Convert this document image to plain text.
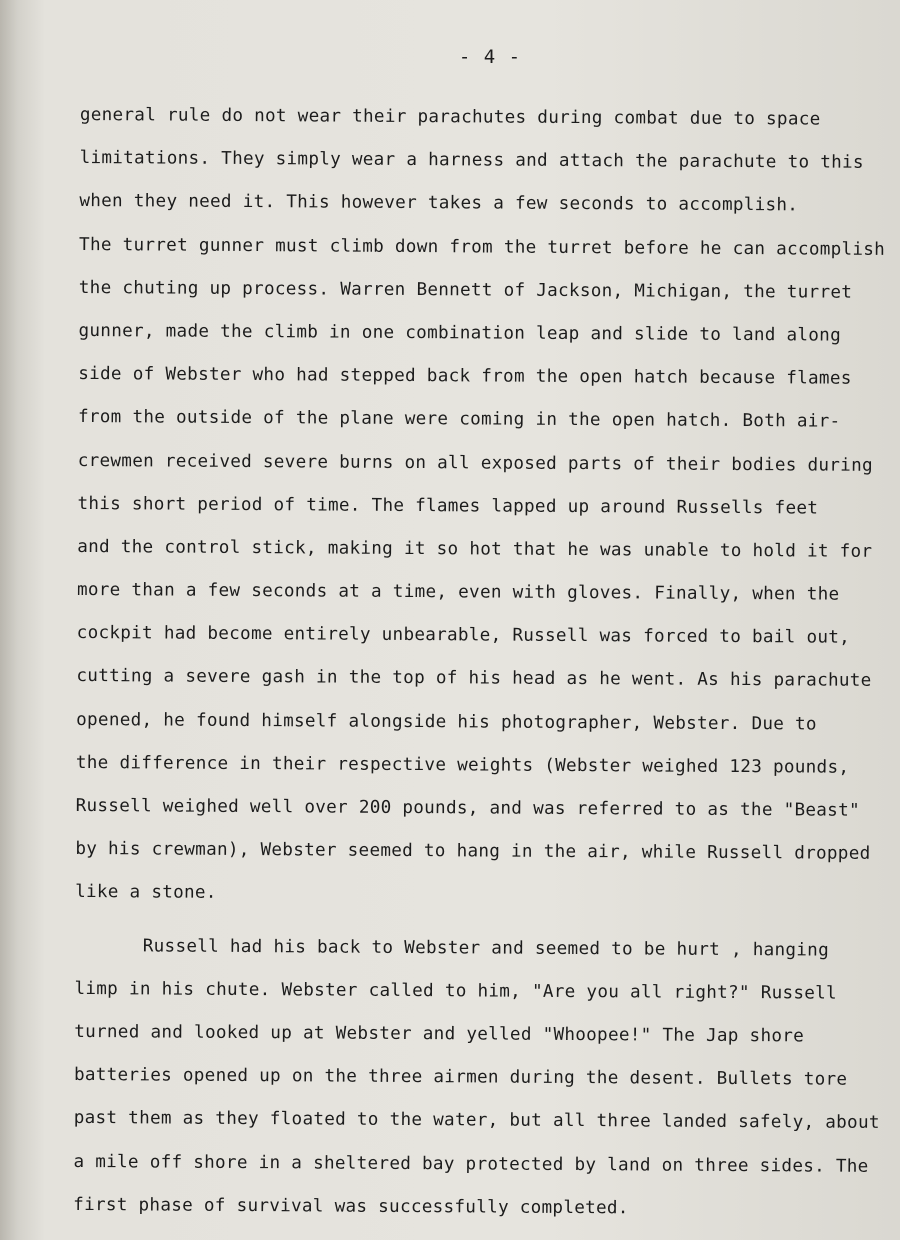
- 4 -
general rule do not wear their parachutes during combat due to space
limitations. They simply wear a harness and attach the parachute to this
when they need it. This however takes a few seconds to accomplish.
The turret gunner must climb down from the turret before he can accomplish
the chuting up process. Warren Bennett of Jackson, Michigan, the turret
gunner, made the climb in one combination leap and slide to land along
side of Webster who had stepped back from the open hatch because flames
from the outside of the plane were coming in the open hatch. Both air-
crewmen received severe burns on all exposed parts of their bodies during
this short period of time. The flames lapped up around Russells feet
and the control stick, making it so hot that he was unable to hold it for
more than a few seconds at a time, even with gloves. Finally, when the
cockpit had become entirely unbearable, Russell was forced to bail out,
cutting a severe gash in the top of his head as he went. As his parachute
opened, he found himself alongside his photographer, Webster. Due to
the difference in their respective weights (Webster weighed 123 pounds,
Russell weighed well over 200 pounds, and was referred to as the "Beast"
by his crewman), Webster seemed to hang in the air, while Russell dropped
like a stone.
Russell had his back to Webster and seemed to be hurt , hanging
limp in his chute. Webster called to him, "Are you all right?" Russell
turned and looked up at Webster and yelled "Whoopee!" The Jap shore
batteries opened up on the three airmen during the desent. Bullets tore
past them as they floated to the water, but all three landed safely, about
a mile off shore in a sheltered bay protected by land on three sides. The
first phase of survival was successfully completed.
